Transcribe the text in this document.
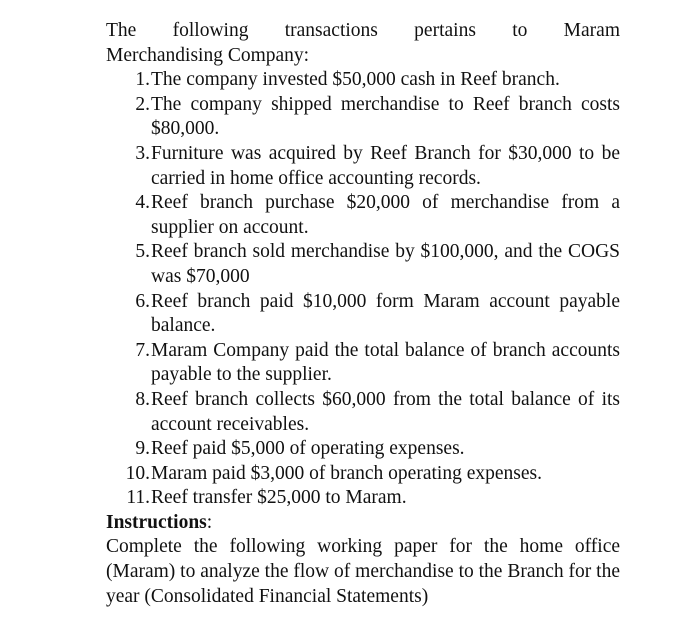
The following transactions pertains to Maram
Merchandising Company:

1. The company invested $50,000 cash in Reef branch.
2. The company shipped merchandise to Reef branch costs $80,000.
3. Furniture was acquired by Reef Branch for $30,000 to be carried in home office accounting records.
4. Reef branch purchase $20,000 of merchandise from a supplier on account.
5. Reef branch sold merchandise by $100,000, and the COGS was $70,000
6. Reef branch paid $10,000 form Maram account payable balance.
7. Maram Company paid the total balance of branch accounts payable to the supplier.
8. Reef branch collects $60,000 from the total balance of its account receivables.
9. Reef paid $5,000 of operating expenses.
10. Maram paid $3,000 of branch operating expenses.
11. Reef transfer $25,000 to Maram.

Instructions:

Complete the following working paper for the home office (Maram) to analyze the flow of merchandise to the Branch for the year (Consolidated Financial Statements)
